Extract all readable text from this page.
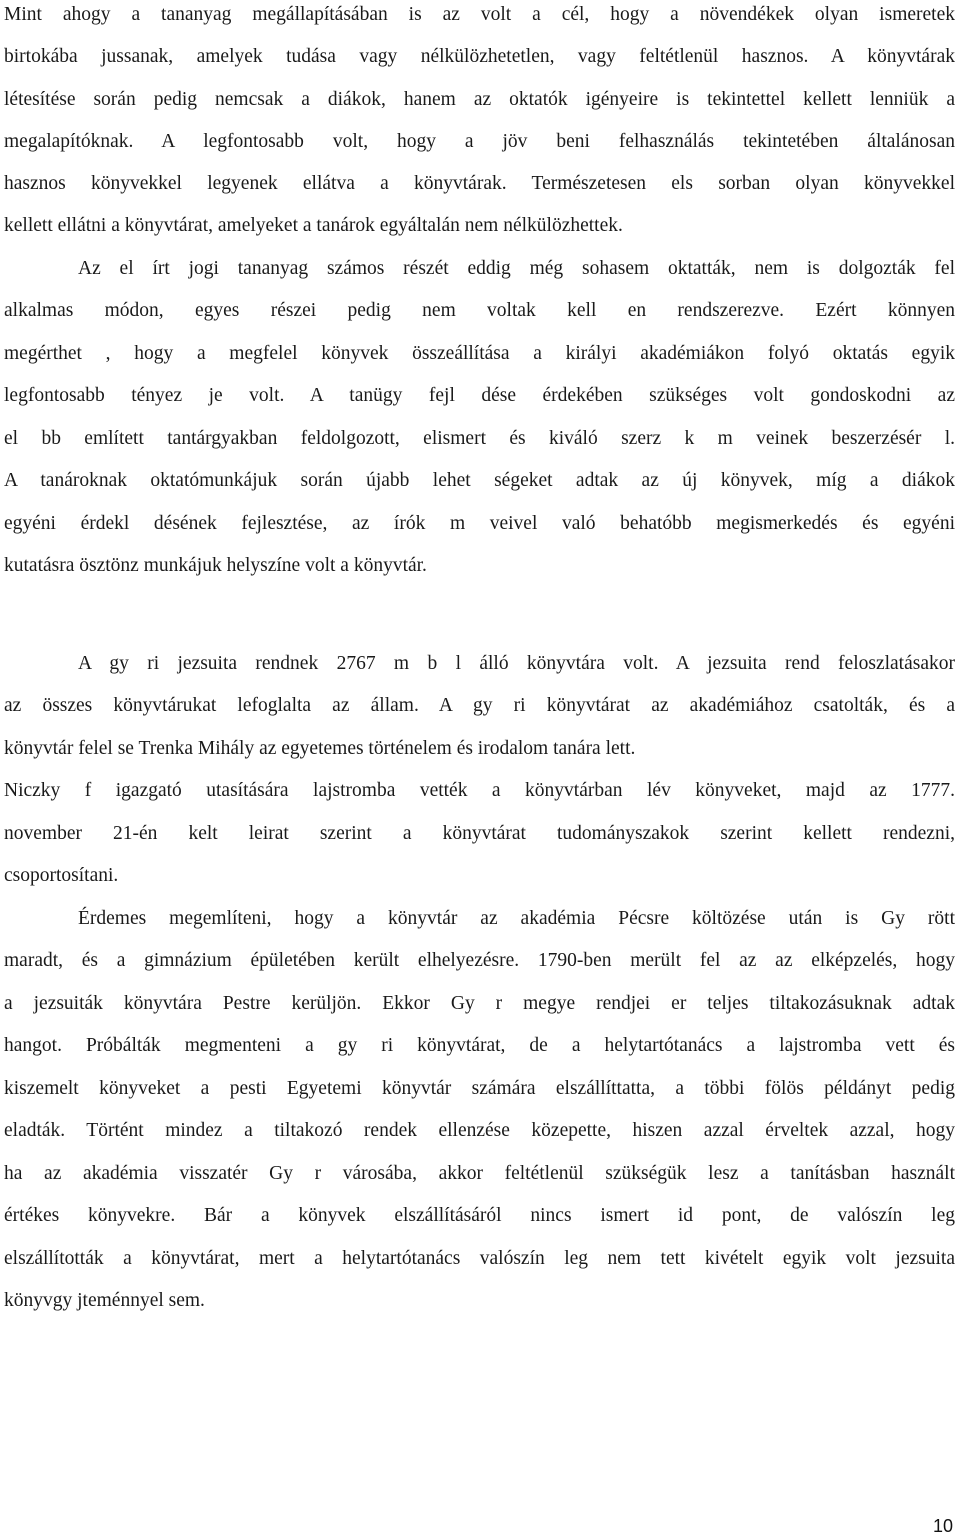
Mint ahogy a tananyag megállapításában is az volt a cél, hogy a növendékek olyan ismeretek
birtokába jussanak, amelyek tudása vagy nélkülözhetetlen, vagy feltétlenül hasznos. A könyvtárak
létesítése során pedig nemcsak a diákok, hanem az oktatók igényeire is tekintettel kellett lenniük a
megalapítóknak. A legfontosabb volt, hogy a jöv beni felhasználás tekintetében általánosan
hasznos könyvekkel legyenek ellátva a könyvtárak. Természetesen els sorban olyan könyvekkel
kellett ellátni a könyvtárat, amelyeket a tanárok egyáltalán nem nélkülözhettek.
Az el írt jogi tananyag számos részét eddig még sohasem oktatták, nem is dolgozták fel
alkalmas módon, egyes részei pedig nem voltak kell en rendszerezve. Ezért könnyen
megérthet , hogy a megfelel könyvek összeállítása a királyi akadémiákon folyó oktatás egyik
legfontosabb tényez je volt. A tanügy fejl dése érdekében szükséges volt gondoskodni az
el bb említett tantárgyakban feldolgozott, elismert és kiváló szerz k m veinek beszerzésér l.
A tanároknak oktatómunkájuk során újabb lehet ségeket adtak az új könyvek, míg a diákok
egyéni érdekl désének fejlesztése, az írók m veivel való behatóbb megismerkedés és egyéni
kutatásra ösztönz munkájuk helyszíne volt a könyvtár.
A gy ri jezsuita rendnek 2767 m b l álló könyvtára volt. A jezsuita rend feloszlatásakor
az összes könyvtárukat lefoglalta az állam. A gy ri könyvtárat az akadémiához csatolták, és a
könyvtár felel se Trenka Mihály az egyetemes történelem és irodalom tanára lett.
Niczky f igazgató utasítására lajstromba vették a könyvtárban lév könyveket, majd az 1777.
november 21-én kelt leirat szerint a könyvtárat tudományszakok szerint kellett rendezni,
csoportosítani.
Érdemes megemlíteni, hogy a könyvtár az akadémia Pécsre költözése után is Gy rött
maradt, és a gimnázium épületében került elhelyezésre. 1790-ben merült fel az az elképzelés, hogy
a jezsuiták könyvtára Pestre kerüljön. Ekkor Gy r megye rendjei er teljes tiltakozásuknak adtak
hangot. Próbálták megmenteni a gy ri könyvtárat, de a helytartótanács a lajstromba vett és
kiszemelt könyveket a pesti Egyetemi könyvtár számára elszállíttatta, a többi fölös példányt pedig
eladták. Történt mindez a tiltakozó rendek ellenzése közepette, hiszen azzal érveltek azzal, hogy
ha az akadémia visszatér Gy r városába, akkor feltétlenül szükségük lesz a tanításban használt
értékes könyvekre. Bár a könyvek elszállításáról nincs ismert id pont, de valószín leg
elszállították a könyvtárat, mert a helytartótanács valószín leg nem tett kivételt egyik volt jezsuita
könyvgy jteménnyel sem.
10
